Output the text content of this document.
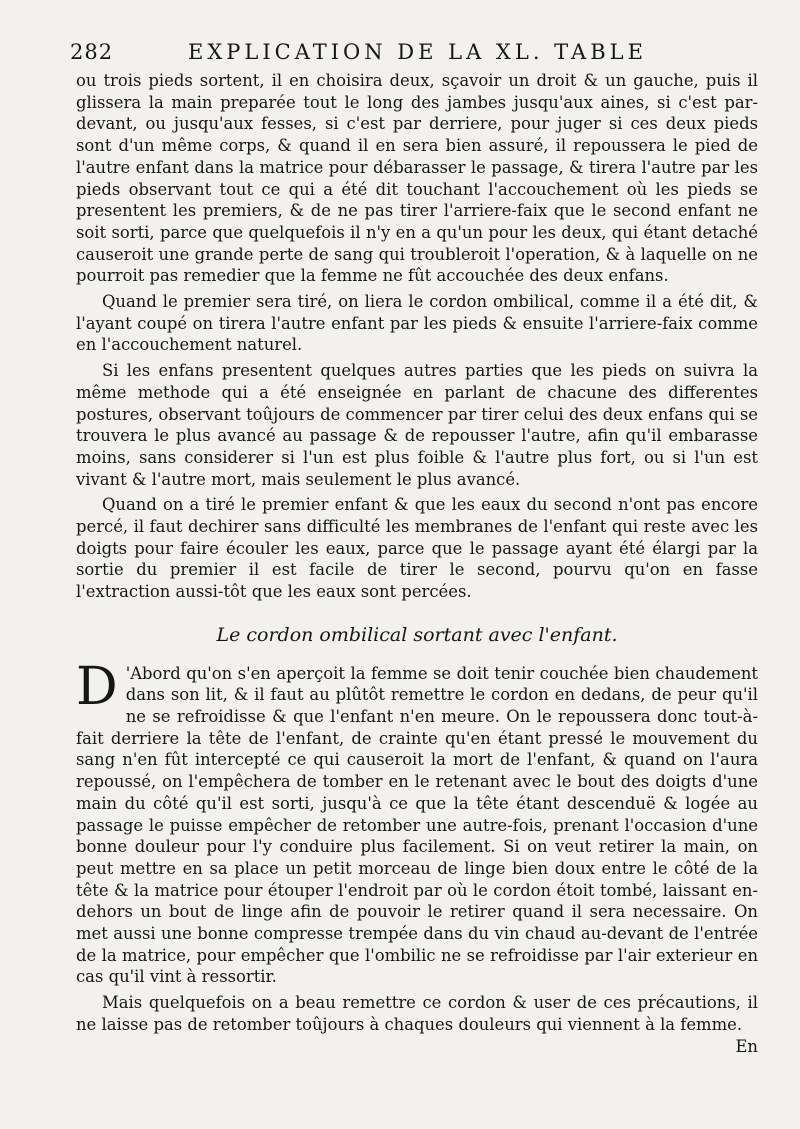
282	EXPLICATION DE LA XL. TABLE

ou trois pieds sortent, il en choisira deux, sçavoir un droit & un gauche, puis il glissera la main preparée tout le long des jambes jusqu'aux aines, si c'est par-devant, ou jusqu'aux fesses, si c'est par derriere, pour juger si ces deux pieds sont d'un même corps, & quand il en sera bien assuré, il repoussera le pied de l'autre enfant dans la matrice pour débarasser le passage, & tirera l'autre par les pieds observant tout ce qui a été dit touchant l'accouchement où les pieds se presentent les premiers, & de ne pas tirer l'arriere-faix que le second enfant ne soit sorti, parce que quelquefois il n'y en a qu'un pour les deux, qui étant detaché causeroit une grande perte de sang qui troubleroit l'operation, & à laquelle on ne pourroit pas remedier que la femme ne fût accouchée des deux enfans.

Quand le premier sera tiré, on liera le cordon ombilical, comme il a été dit, & l'ayant coupé on tirera l'autre enfant par les pieds & ensuite l'arriere-faix comme en l'accouchement naturel.

Si les enfans presentent quelques autres parties que les pieds on suivra la même methode qui a été enseignée en parlant de chacune des differentes postures, observant toûjours de commencer par tirer celui des deux enfans qui se trouvera le plus avancé au passage & de repousser l'autre, afin qu'il embarasse moins, sans considerer si l'un est plus foible & l'autre plus fort, ou si l'un est vivant & l'autre mort, mais seulement le plus avancé.

Quand on a tiré le premier enfant & que les eaux du second n'ont pas encore percé, il faut dechirer sans difficulté les membranes de l'enfant qui reste avec les doigts pour faire écouler les eaux, parce que le passage ayant été élargi par la sortie du premier il est facile de tirer le second, pourvu qu'on en fasse l'extraction aussi-tôt que les eaux sont percées.

Le cordon ombilical sortant avec l'enfant.

D 'Abord qu'on s'en aperçoit la femme se doit tenir couchée bien chaudement dans son lit, & il faut au plûtôt remettre le cordon en dedans, de peur qu'il ne se refroidisse & que l'enfant n'en meure. On le repoussera donc tout-à-fait derriere la tête de l'enfant, de crainte qu'en étant pressé le mouvement du sang n'en fût intercepté ce qui causeroit la mort de l'enfant, & quand on l'aura repoussé, on l'empêchera de tomber en le retenant avec le bout des doigts d'une main du côté qu'il est sorti, jusqu'à ce que la tête étant descenduë & logée au passage le puisse empêcher de retomber une autre-fois, prenant l'occasion d'une bonne douleur pour l'y conduire plus facilement. Si on veut retirer la main, on peut mettre en sa place un petit morceau de linge bien doux entre le côté de la tête & la matrice pour étouper l'endroit par où le cordon étoit tombé, laissant en-dehors un bout de linge afin de pouvoir le retirer quand il sera necessaire. On met aussi une bonne compresse trempée dans du vin chaud au-devant de l'entrée de la matrice, pour empêcher que l'ombilic ne se refroidisse par l'air exterieur en cas qu'il vint à ressortir.

Mais quelquefois on a beau remettre ce cordon & user de ces précautions, il ne laisse pas de retomber toûjours à chaques douleurs qui viennent à la femme.

En
